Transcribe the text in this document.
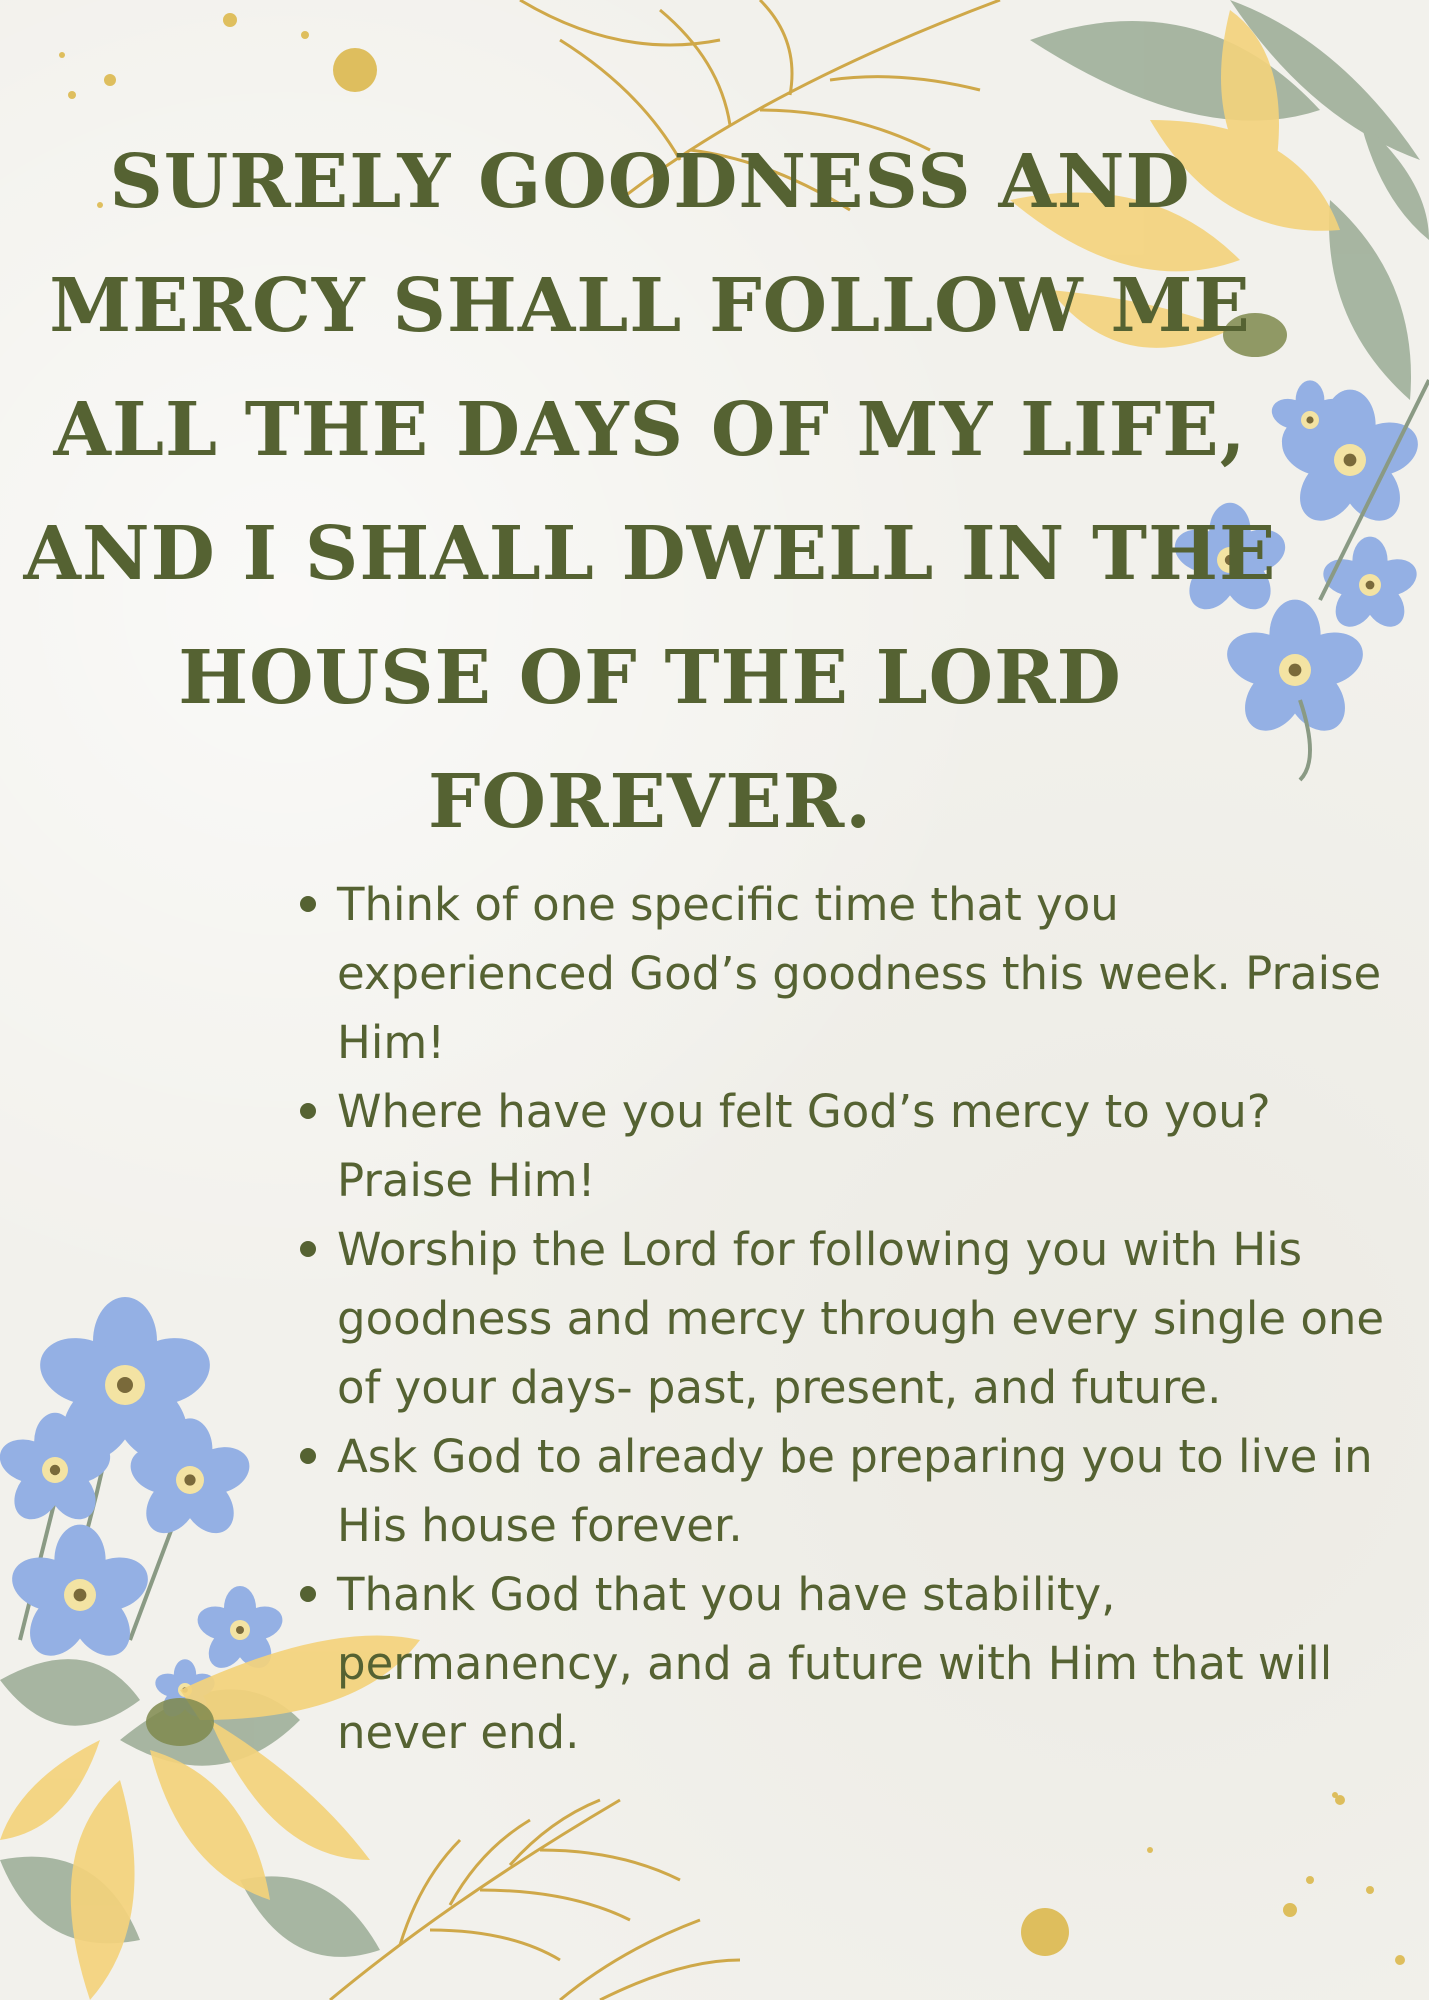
SURELY GOODNESS AND
MERCY SHALL FOLLOW ME
ALL THE DAYS OF MY LIFE,
AND I SHALL DWELL IN THE
HOUSE OF THE LORD
FOREVER.
Think of one specific time that you experienced God’s goodness this week. Praise Him!
Where have you felt God’s mercy to you? Praise Him!
Worship the Lord for following you with His goodness and mercy through every single one of your days- past, present, and future.
Ask God to already be preparing you to live in His house forever.
Thank God that you have stability, permanency, and a future with Him that will never end.
